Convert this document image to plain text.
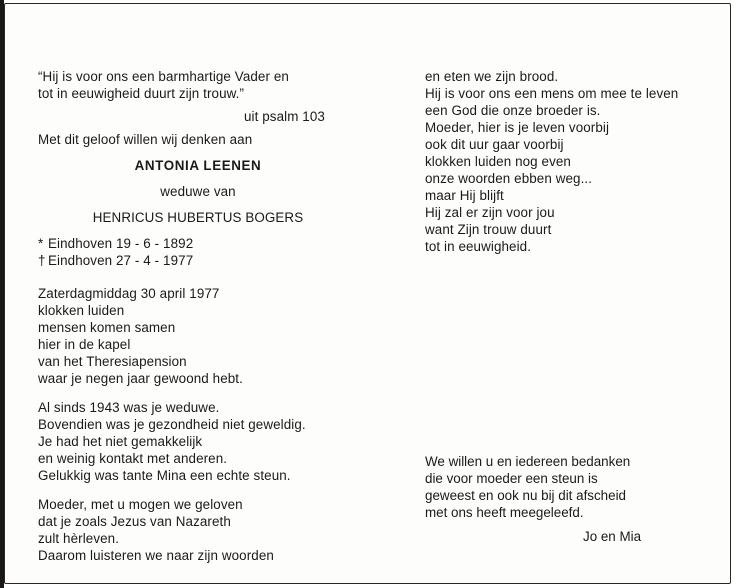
“Hij is voor ons een barmhartige Vader en
tot in eeuwigheid duurt zijn trouw.”
uit psalm 103
Met dit geloof willen wij denken aan
ANTONIA LEENEN
weduwe van
HENRICUS HUBERTUS BOGERS
* Eindhoven 19 - 6 - 1892
† Eindhoven 27 - 4 - 1977
Zaterdagmiddag 30 april 1977
klokken luiden
mensen komen samen
hier in de kapel
van het Theresiapension
waar je negen jaar gewoond hebt.
Al sinds 1943 was je weduwe.
Bovendien was je gezondheid niet geweldig.
Je had het niet gemakkelijk
en weinig kontakt met anderen.
Gelukkig was tante Mina een echte steun.
Moeder, met u mogen we geloven
dat je zoals Jezus van Nazareth
zult hèrleven.
Daarom luisteren we naar zijn woorden
en eten we zijn brood.
Hij is voor ons een mens om mee te leven
een God die onze broeder is.
Moeder, hier is je leven voorbij
ook dit uur gaar voorbij
klokken luiden nog even
onze woorden ebben weg...
maar Hij blijft
Hij zal er zijn voor jou
want Zijn trouw duurt
tot in eeuwigheid.
We willen u en iedereen bedanken
die voor moeder een steun is
geweest en ook nu bij dit afscheid
met ons heeft meegeleefd.
Jo en Mia
